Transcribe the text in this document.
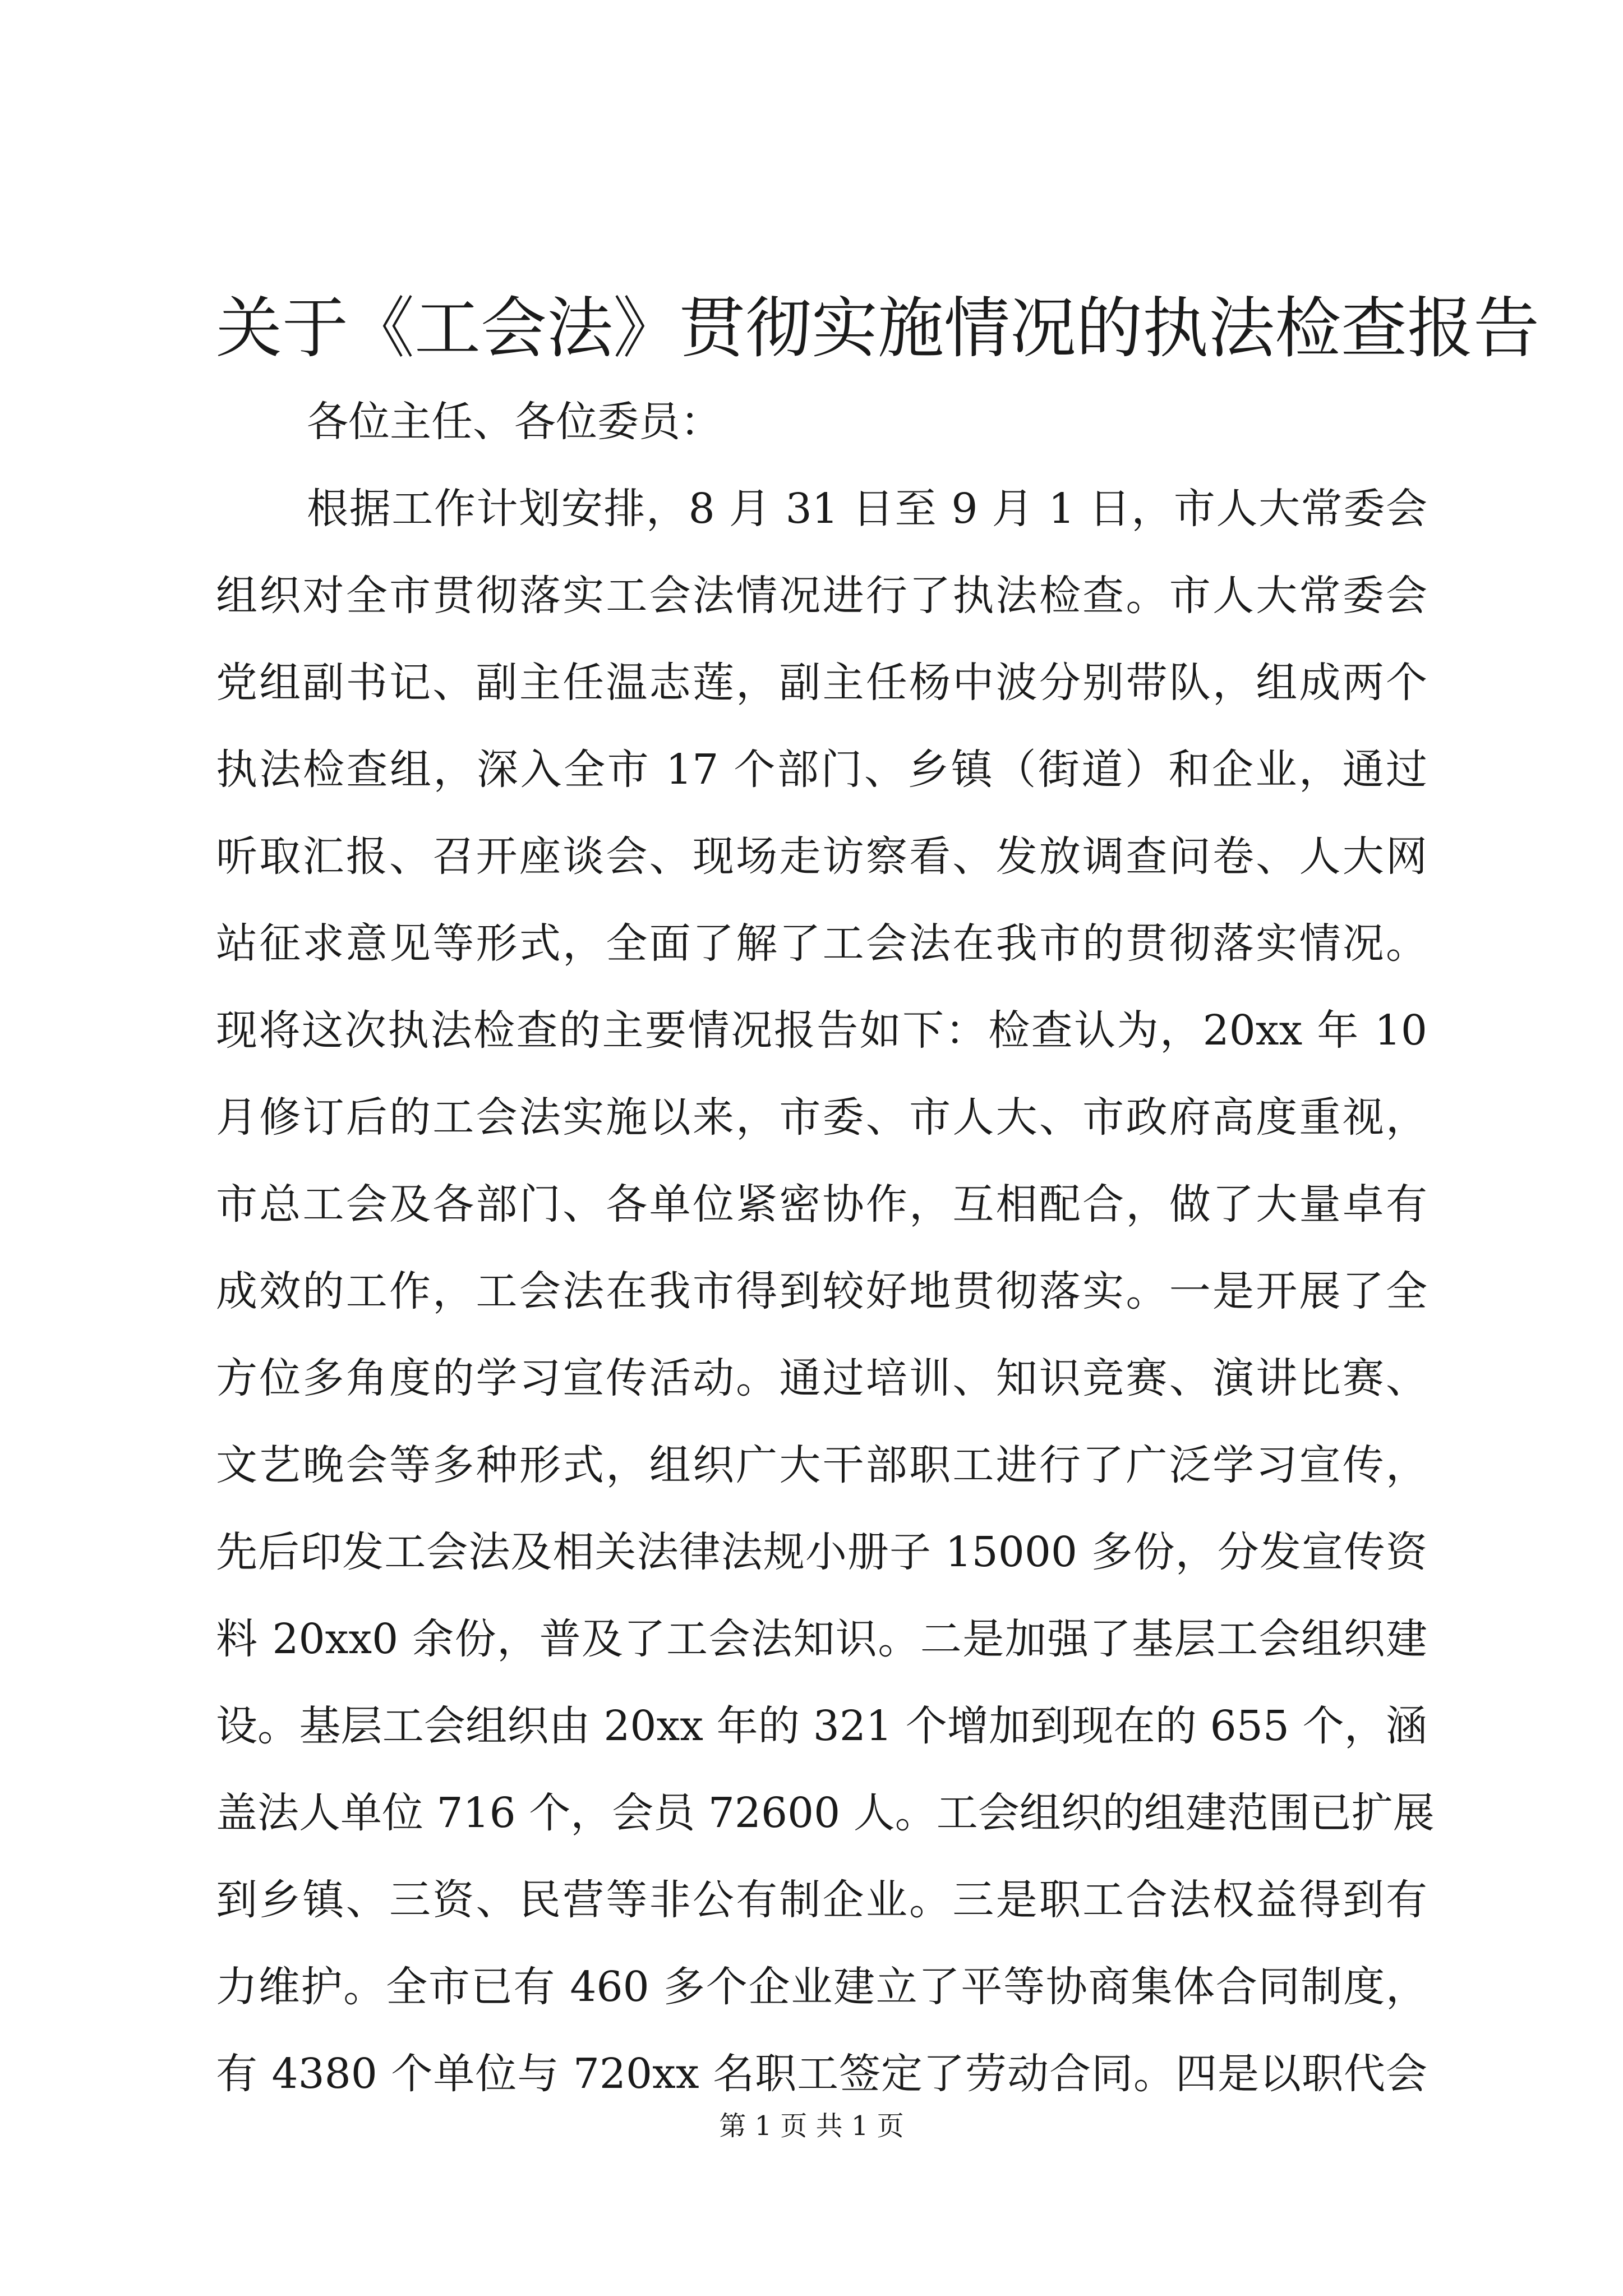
关于《工会法》贯彻实施情况的执法检查报告
各位主任、各位委员：
根据工作计划安排，8 月 31 日至 9 月 1 日，市人大常委会
组织对全市贯彻落实工会法情况进行了执法检查。市人大常委会
党组副书记、副主任温志莲，副主任杨中波分别带队，组成两个
执法检查组，深入全市 17 个部门、乡镇（街道）和企业，通过
听取汇报、召开座谈会、现场走访察看、发放调查问卷、人大网
站征求意见等形式，全面了解了工会法在我市的贯彻落实情况。
现将这次执法检查的主要情况报告如下：检查认为，20xx 年 10
月修订后的工会法实施以来，市委、市人大、市政府高度重视，
市总工会及各部门、各单位紧密协作，互相配合，做了大量卓有
成效的工作，工会法在我市得到较好地贯彻落实。一是开展了全
方位多角度的学习宣传活动。通过培训、知识竞赛、演讲比赛、
文艺晚会等多种形式，组织广大干部职工进行了广泛学习宣传，
先后印发工会法及相关法律法规小册子 15000 多份，分发宣传资
料 20xx0 余份，普及了工会法知识。二是加强了基层工会组织建
设。基层工会组织由 20xx 年的 321 个增加到现在的 655 个，涵
盖法人单位 716 个，会员 72600 人。工会组织的组建范围已扩展
到乡镇、三资、民营等非公有制企业。三是职工合法权益得到有
力维护。全市已有 460 多个企业建立了平等协商集体合同制度，
有 4380 个单位与 720xx 名职工签定了劳动合同。四是以职代会
第 1 页 共 1 页
